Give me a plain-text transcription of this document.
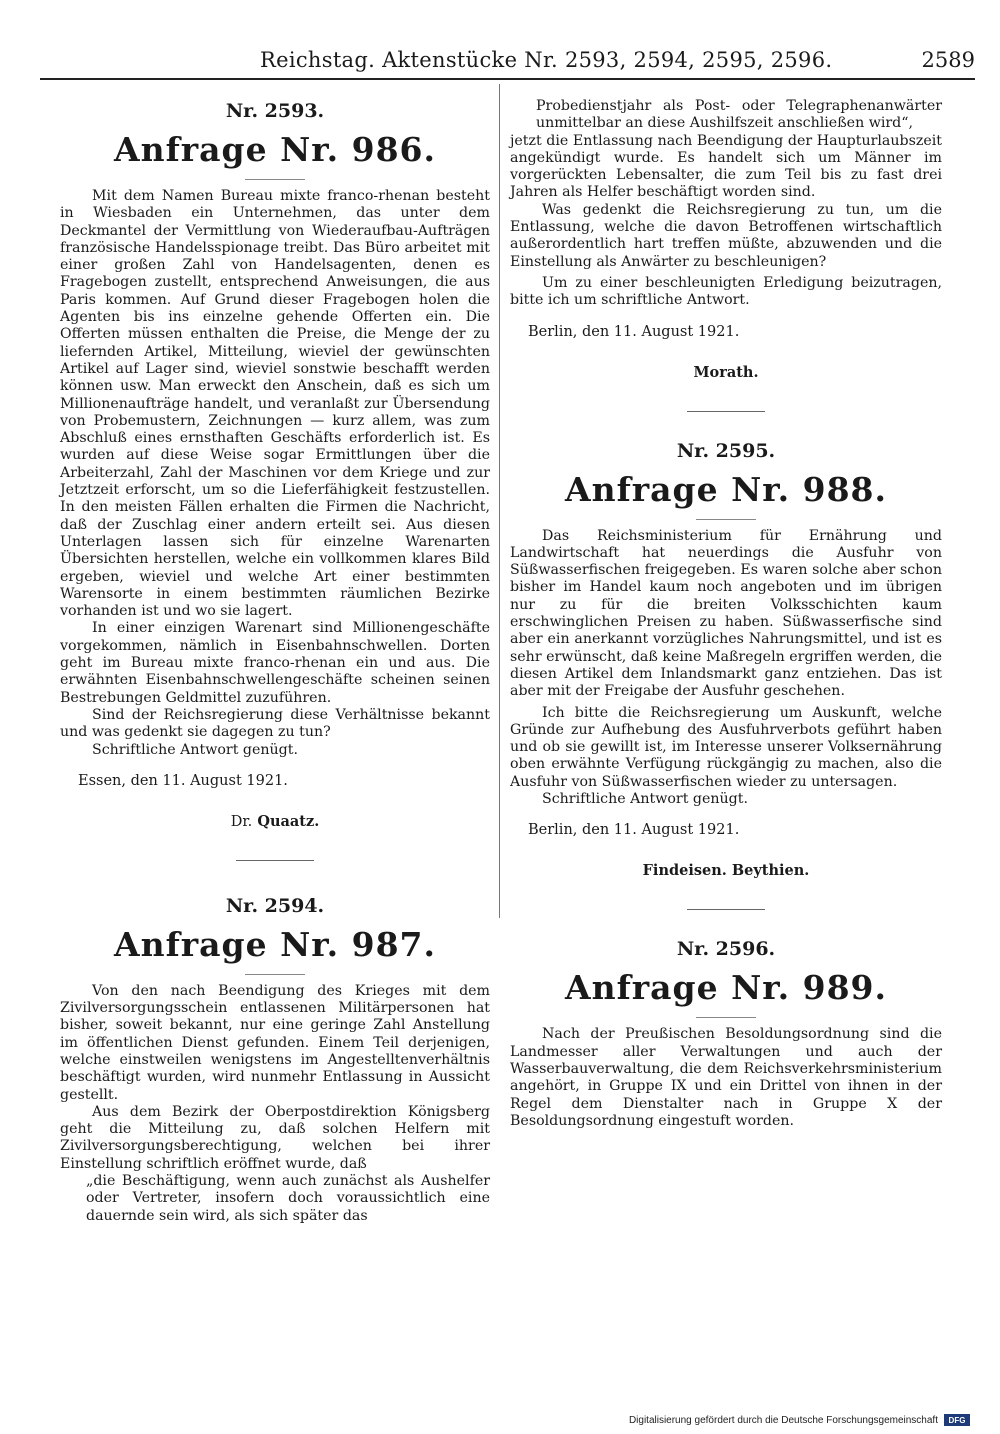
Reichstag. Aktenstücke Nr. 2593, 2594, 2595, 2596.	2589

Nr. 2593.

Anfrage Nr. 986.

Mit dem Namen Bureau mixte franco-rhenan besteht in Wiesbaden ein Unternehmen, das unter dem Deckmantel der Vermittlung von Wiederaufbau-Aufträgen französische Handelsspionage treibt. Das Büro arbeitet mit einer großen Zahl von Handelsagenten, denen es Fragebogen zustellt, entsprechend Anweisungen, die aus Paris kommen. Auf Grund dieser Fragebogen holen die Agenten bis ins einzelne gehende Offerten ein. Die Offerten müssen enthalten die Preise, die Menge der zu liefernden Artikel, Mitteilung, wieviel der gewünschten Artikel auf Lager sind, wieviel sonstwie beschafft werden können usw. Man erweckt den Anschein, daß es sich um Millionenaufträge handelt, und veranlaßt zur Übersendung von Probemustern, Zeichnungen — kurz allem, was zum Abschluß eines ernsthaften Geschäfts erforderlich ist. Es wurden auf diese Weise sogar Ermittlungen über die Arbeiterzahl, Zahl der Maschinen vor dem Kriege und zur Jetztzeit erforscht, um so die Lieferfähigkeit festzustellen. In den meisten Fällen erhalten die Firmen die Nachricht, daß der Zuschlag einer andern erteilt sei. Aus diesen Unterlagen lassen sich für einzelne Warenarten Übersichten herstellen, welche ein vollkommen klares Bild ergeben, wieviel und welche Art einer bestimmten Warensorte in einem bestimmten räumlichen Bezirke vorhanden ist und wo sie lagert.

In einer einzigen Warenart sind Millionengeschäfte vorgekommen, nämlich in Eisenbahnschwellen. Dorten geht im Bureau mixte franco-rhenan ein und aus. Die erwähnten Eisenbahnschwellengeschäfte scheinen seinen Bestrebungen Geldmittel zuzuführen.

Sind der Reichsregierung diese Verhältnisse bekannt und was gedenkt sie dagegen zu tun?

Schriftliche Antwort genügt.

Essen, den 11. August 1921.

Dr. Quaatz.

Nr. 2594.

Anfrage Nr. 987.

Von den nach Beendigung des Krieges mit dem Zivilversorgungsschein entlassenen Militärpersonen hat bisher, soweit bekannt, nur eine geringe Zahl Anstellung im öffentlichen Dienst gefunden. Einem Teil derjenigen, welche einstweilen wenigstens im Angestelltenverhältnis beschäftigt wurden, wird nunmehr Entlassung in Aussicht gestellt.

Aus dem Bezirk der Oberpostdirektion Königsberg geht die Mitteilung zu, daß solchen Helfern mit Zivilversorgungsberechtigung, welchen bei ihrer Einstellung schriftlich eröffnet wurde, daß

„die Beschäftigung, wenn auch zunächst als Aushelfer oder Vertreter, insofern doch voraussichtlich eine dauernde sein wird, als sich später das

Probedienstjahr als Post- oder Telegraphenanwärter unmittelbar an diese Aushilfszeit anschließen wird“,

jetzt die Entlassung nach Beendigung der Haupturlaubszeit angekündigt wurde. Es handelt sich um Männer im vorgerückten Lebensalter, die zum Teil bis zu fast drei Jahren als Helfer beschäftigt worden sind.

Was gedenkt die Reichsregierung zu tun, um die Entlassung, welche die davon Betroffenen wirtschaftlich außerordentlich hart treffen müßte, abzuwenden und die Einstellung als Anwärter zu beschleunigen?

Um zu einer beschleunigten Erledigung beizutragen, bitte ich um schriftliche Antwort.

Berlin, den 11. August 1921.

Morath.

Nr. 2595.

Anfrage Nr. 988.

Das Reichsministerium für Ernährung und Landwirtschaft hat neuerdings die Ausfuhr von Süßwasserfischen freigegeben. Es waren solche aber schon bisher im Handel kaum noch angeboten und im übrigen nur zu für die breiten Volksschichten kaum erschwinglichen Preisen zu haben. Süßwasserfische sind aber ein anerkannt vorzügliches Nahrungsmittel, und ist es sehr erwünscht, daß keine Maßregeln ergriffen werden, die diesen Artikel dem Inlandsmarkt ganz entziehen. Das ist aber mit der Freigabe der Ausfuhr geschehen.

Ich bitte die Reichsregierung um Auskunft, welche Gründe zur Aufhebung des Ausfuhrverbots geführt haben und ob sie gewillt ist, im Interesse unserer Volksernährung oben erwähnte Verfügung rückgängig zu machen, also die Ausfuhr von Süßwasserfischen wieder zu untersagen.

Schriftliche Antwort genügt.

Berlin, den 11. August 1921.

Findeisen. Beythien.

Nr. 2596.

Anfrage Nr. 989.

Nach der Preußischen Besoldungsordnung sind die Landmesser aller Verwaltungen und auch der Wasserbauverwaltung, die dem Reichsverkehrsministerium angehört, in Gruppe IX und ein Drittel von ihnen in der Regel dem Dienstalter nach in Gruppe X der Besoldungsordnung eingestuft worden.

Digitalisierung gefördert durch die Deutsche Forschungsgemeinschaft	DFG
